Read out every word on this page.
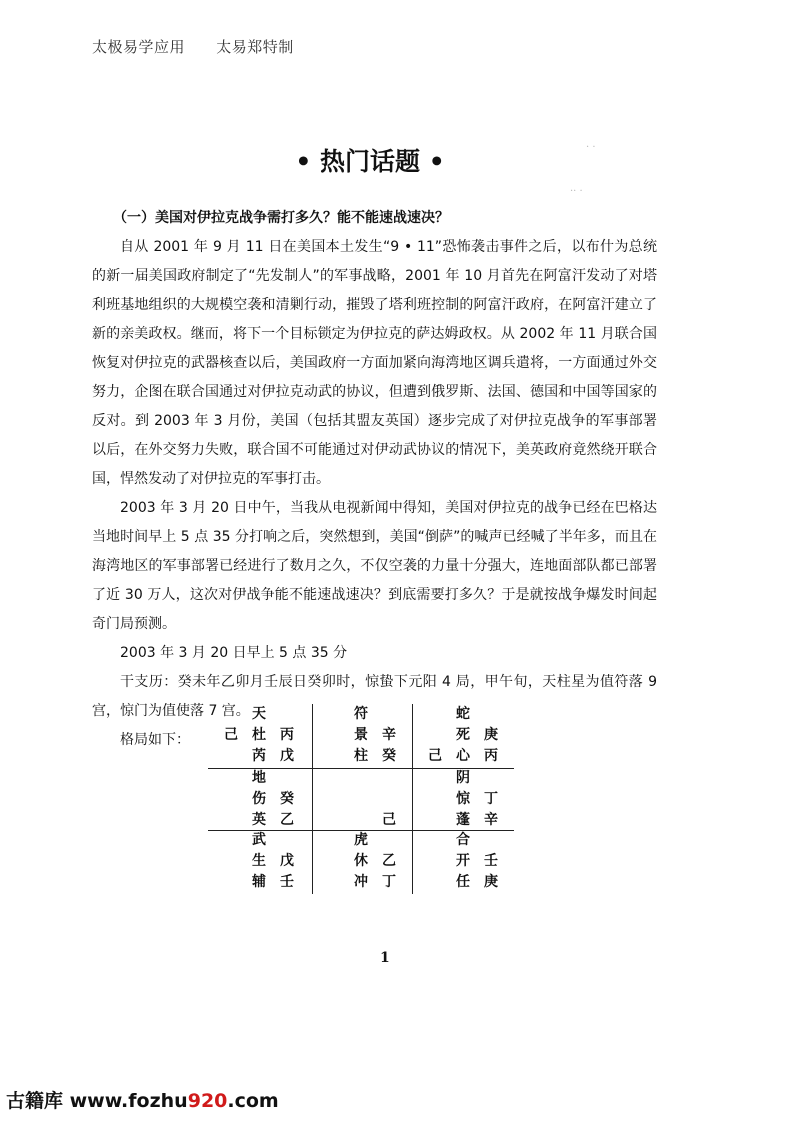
太极易学应用 太易郑特制
• 热门话题 •

（一）美国对伊拉克战争需打多久？能不能速战速决？

自从 2001 年 9 月 11 日在美国本土发生“9 • 11”恐怖袭击事件之后，以布什为总统的新一届美国政府制定了“先发制人”的军事战略，2001 年 10 月首先在阿富汗发动了对塔利班基地组织的大规模空袭和清剿行动，摧毁了塔利班控制的阿富汗政府，在阿富汗建立了新的亲美政权。继而，将下一个目标锁定为伊拉克的萨达姆政权。从 2002 年 11 月联合国恢复对伊拉克的武器核查以后，美国政府一方面加紧向海湾地区调兵遣将，一方面通过外交努力，企图在联合国通过对伊拉克动武的协议，但遭到俄罗斯、法国、德国和中国等国家的反对。到 2003 年 3 月份，美国（包括其盟友英国）逐步完成了对伊拉克战争的军事部署以后，在外交努力失败，联合国不可能通过对伊动武协议的情况下，美英政府竟然绕开联合国，悍然发动了对伊拉克的军事打击。

2003 年 3 月 20 日中午，当我从电视新闻中得知，美国对伊拉克的战争已经在巴格达当地时间早上 5 点 35 分打响之后，突然想到，美国“倒萨”的喊声已经喊了半年多，而且在海湾地区的军事部署已经进行了数月之久，不仅空袭的力量十分强大，连地面部队都已部署了近 30 万人，这次对伊战争能不能速战速决？到底需要打多久？于是就按战争爆发时间起奇门局预测。

2003 年 3 月 20 日早上 5 点 35 分

干支历：癸未年乙卯月壬辰日癸卯时，惊蛰下元阳 4 局，甲午旬，天柱星为值符落 9 宫，惊门为值使落 7 宫。

格局如下：

天
己 杜 丙
芮 戊
符
景 辛
柱 癸
蛇
死 庚
己 心 丙
地
伤 癸
英 乙	己
阴
惊 丁
蓬 辛
武
生 戊
辅 壬
虎
休 乙
冲 丁
合
开 壬
任 庚
1
古籍库 www.fozhu920.com
· ·
·· ·
